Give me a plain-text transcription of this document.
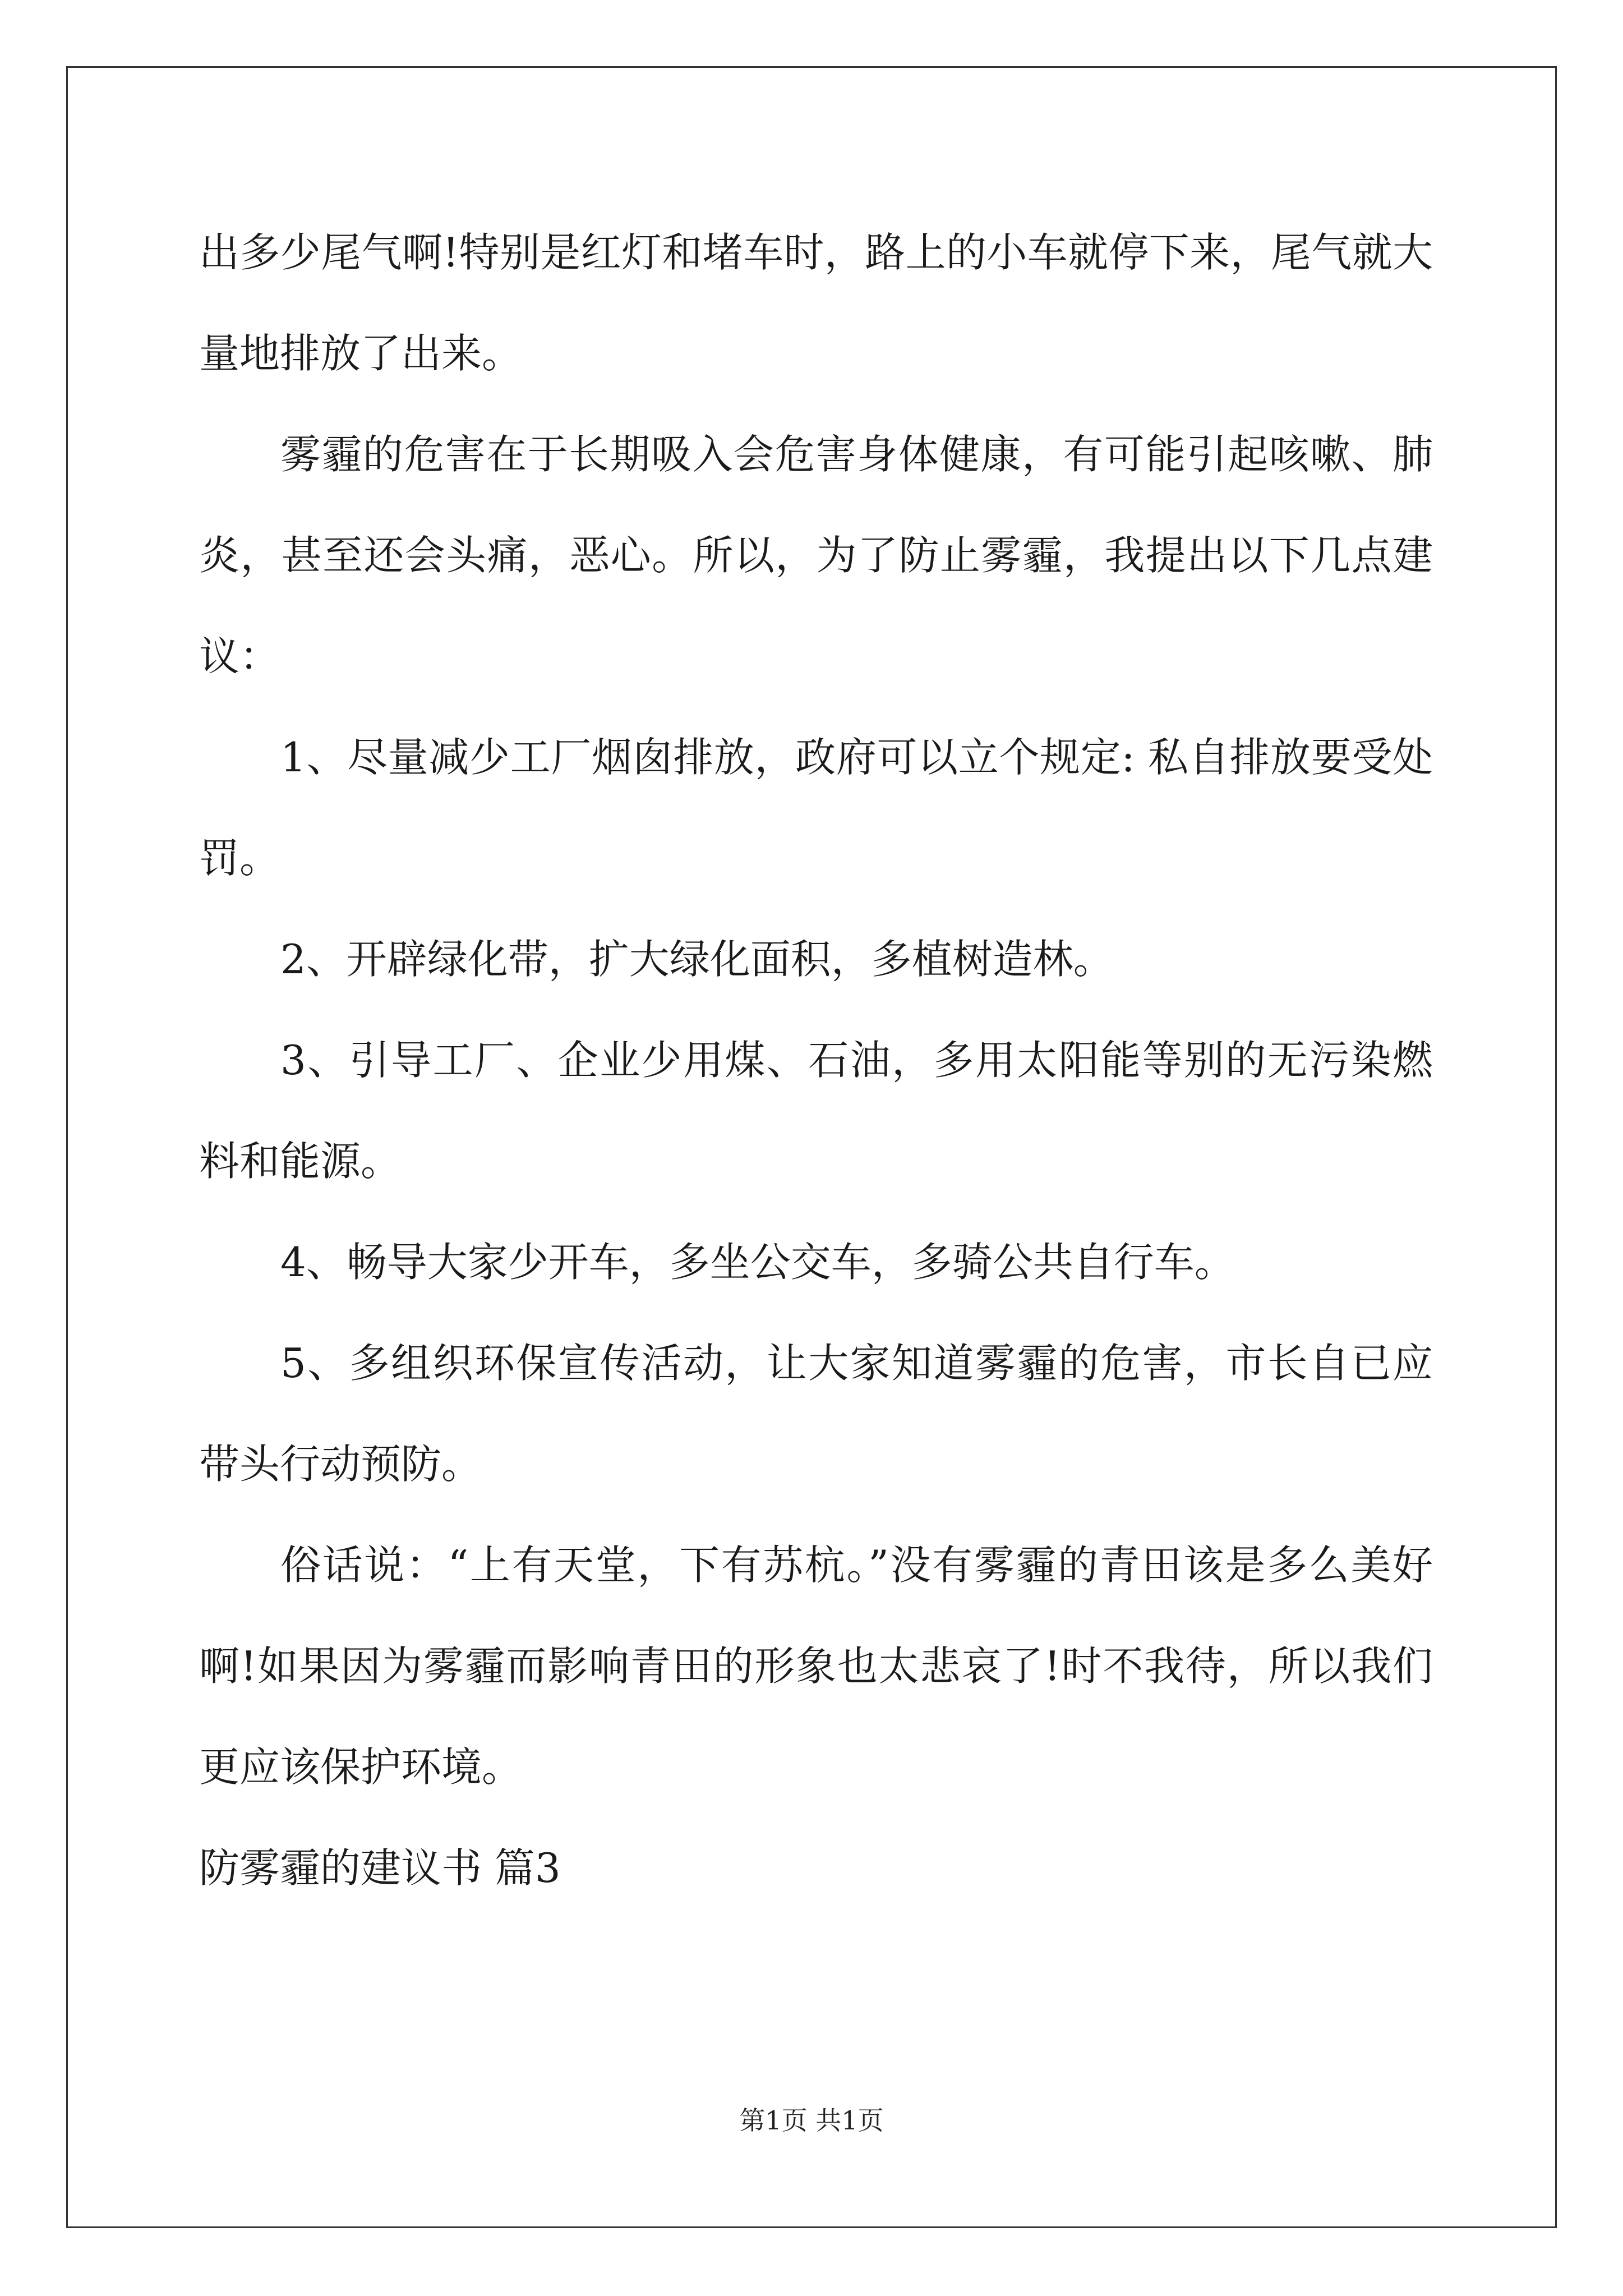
出多少尾气啊!特别是红灯和堵车时，路上的小车就停下来，尾气就大量地排放了出来。

雾霾的危害在于长期吸入会危害身体健康，有可能引起咳嗽、肺炎，甚至还会头痛，恶心。所以，为了防止雾霾，我提出以下几点建议：

1、尽量减少工厂烟囱排放，政府可以立个规定: 私自排放要受处罚。

2、开辟绿化带，扩大绿化面积，多植树造林。

3、引导工厂、企业少用煤、石油，多用太阳能等别的无污染燃料和能源。

4、畅导大家少开车，多坐公交车，多骑公共自行车。

5、多组织环保宣传活动，让大家知道雾霾的危害，市长自已应带头行动预防。

俗话说：“上有天堂，下有苏杭。”没有雾霾的青田该是多么美好啊!如果因为雾霾而影响青田的形象也太悲哀了!时不我待，所以我们更应该保护环境。

防雾霾的建议书 篇3

第1页 共1页
